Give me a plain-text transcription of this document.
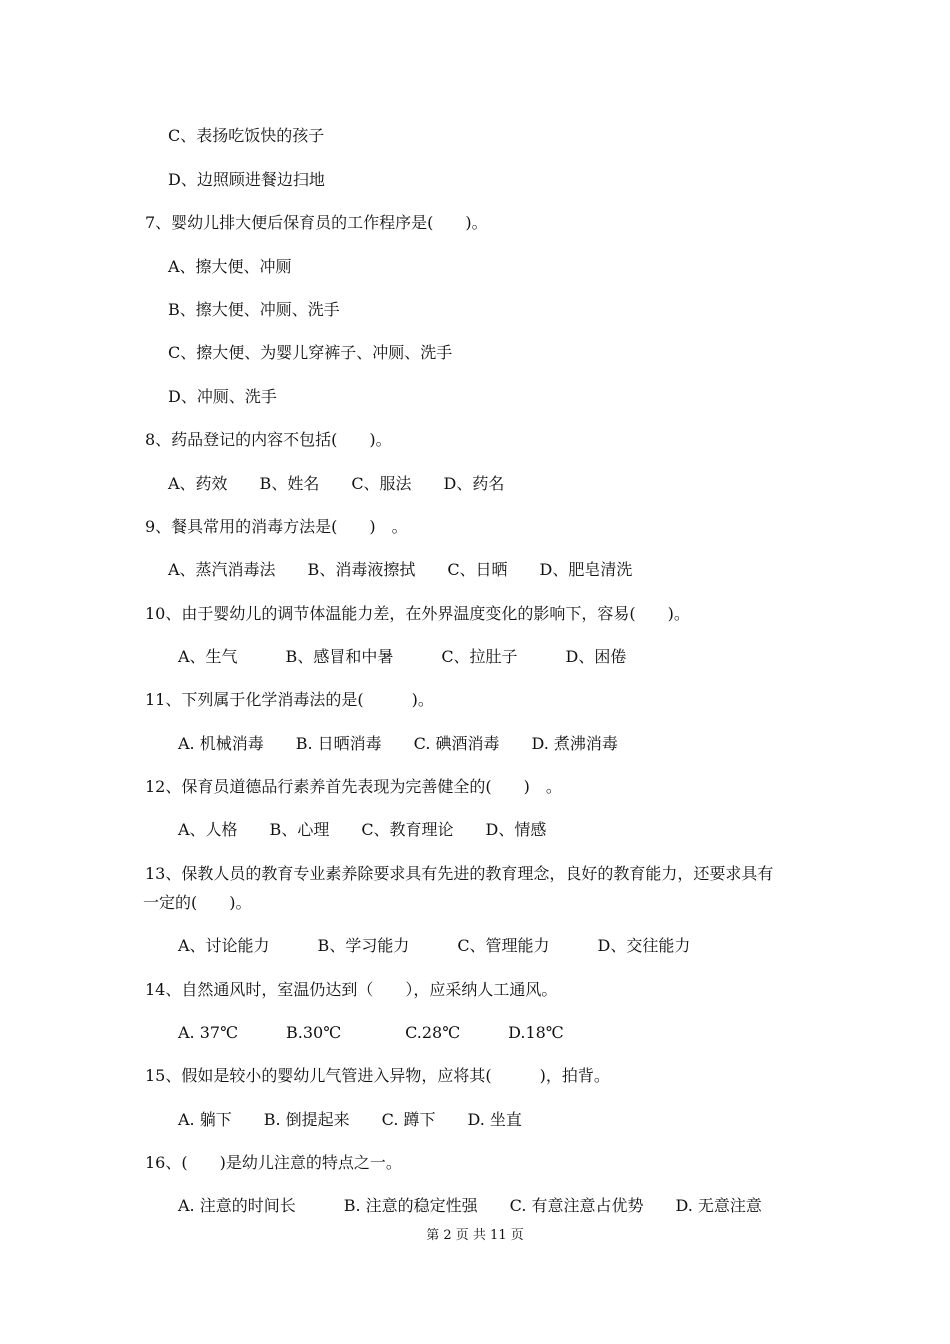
C、表扬吃饭快的孩子
D、边照顾进餐边扫地
7、婴幼儿排大便后保育员的工作程序是(　　)。
A、擦大便、冲厕
B、擦大便、冲厕、洗手
C、擦大便、为婴儿穿裤子、冲厕、洗手
D、冲厕、洗手
8、药品登记的内容不包括(　　)。
A、药效　　B、姓名　　C、服法　　D、药名
9、餐具常用的消毒方法是(　　)　。
A、蒸汽消毒法　　B、消毒液擦拭　　C、日晒　　D、肥皂清洗
10、由于婴幼儿的调节体温能力差，在外界温度变化的影响下，容易(　　)。
A、生气　　　B、感冒和中暑　　　C、拉肚子　　　D、困倦
11、下列属于化学消毒法的是(　　　)。
A. 机械消毒　　B. 日晒消毒　　C. 碘酒消毒　　D. 煮沸消毒
12、保育员道德品行素养首先表现为完善健全的(　　)　。
A、人格　　B、心理　　C、教育理论　　D、情感
13、保教人员的教育专业素养除要求具有先进的教育理念，良好的教育能力，还要求具有
一定的(　　)。
A、讨论能力　　　B、学习能力　　　C、管理能力　　　D、交往能力
14、自然通风时，室温仍达到（　　），应采纳人工通风。
A. 37℃　　　B.30℃　　　　C.28℃　　　D.18℃
15、假如是较小的婴幼儿气管进入异物，应将其(　　　)，拍背。
A. 躺下　　B. 倒提起来　　C. 蹲下　　D. 坐直
16、(　　)是幼儿注意的特点之一。
A. 注意的时间长　　　B. 注意的稳定性强　　C. 有意注意占优势　　D. 无意注意
第 2 页 共 11 页
